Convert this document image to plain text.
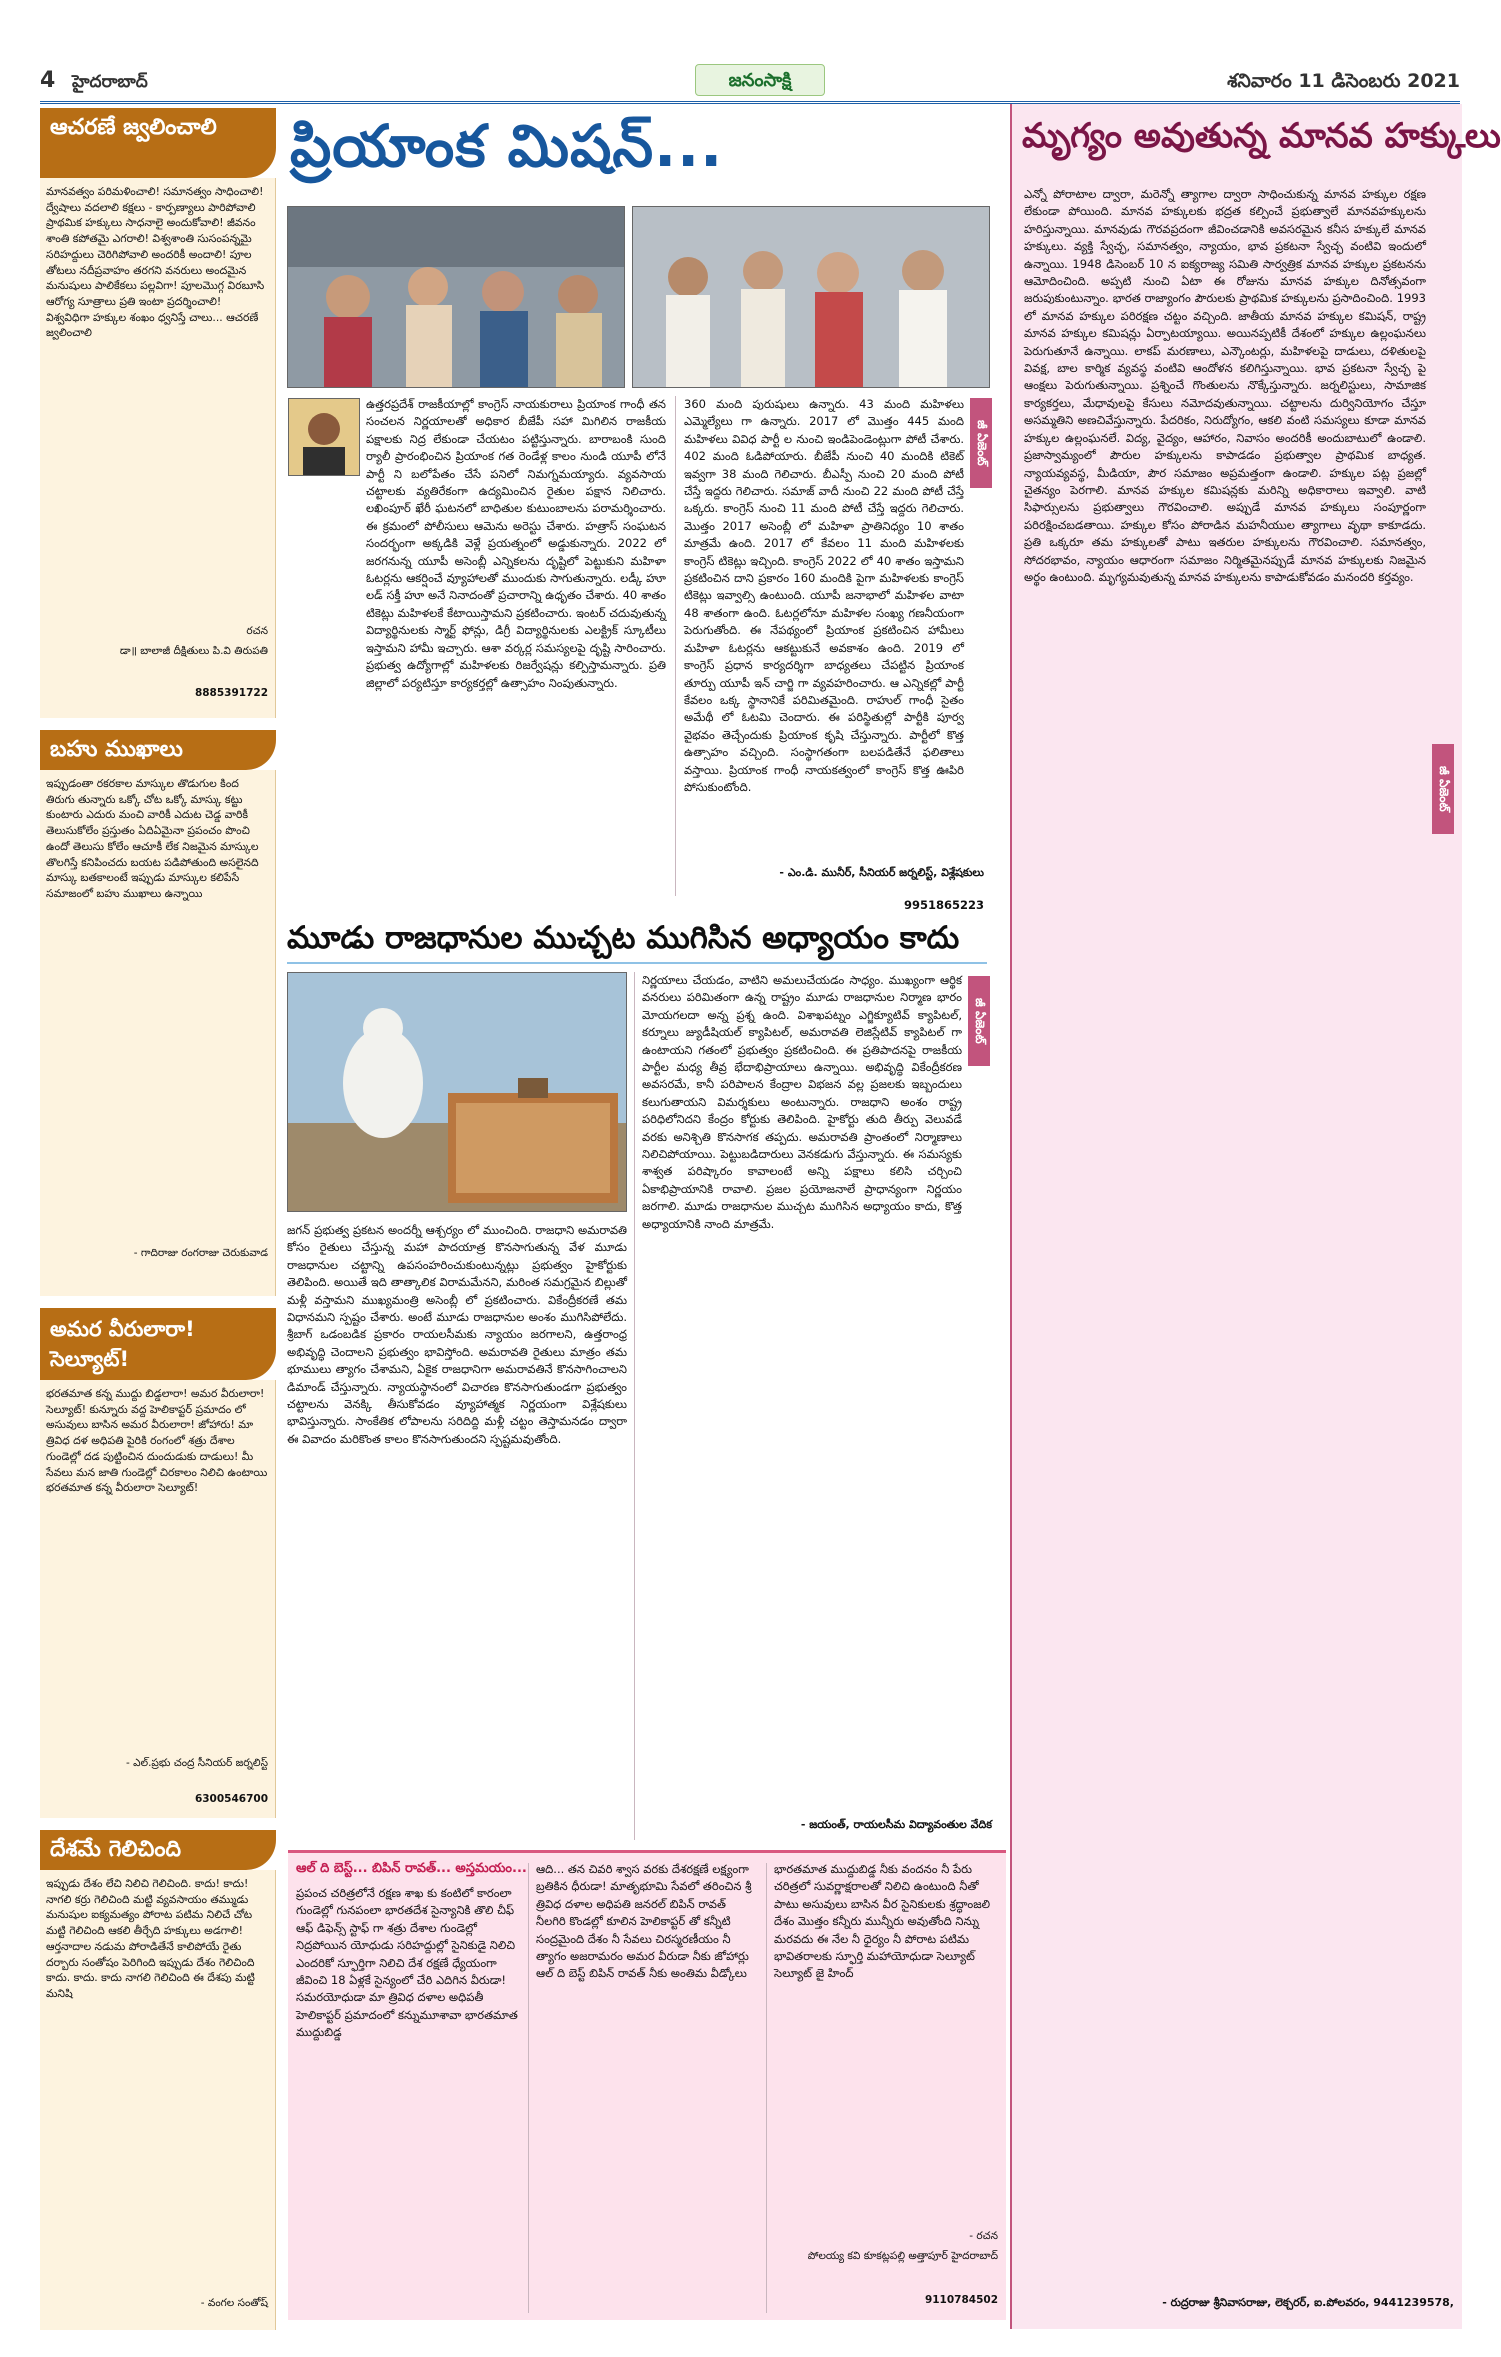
4 హైదరాబాద్	జనంసాక్షి	శనివారం 11 డిసెంబరు 2021
ఆచరణే జ్వలించాలి
మానవత్వం పరిమళించాలి! సమానత్వం సాధించాలి! ద్వేషాలు వదలాలి కక్షలు - కార్పణ్యాలు పారిపోవాలి ప్రాథమిక హక్కులు సాధనాలై అందుకోవాలి! జీవనం శాంతి కపోతమై ఎగరాలి! విశ్వశాంతి సుసంపన్నమై సరిహద్దులు చెరిగిపోవాలి అందరికీ అందాలి! పూల తోటలు నదీప్రవాహం తరగని వనరులు అందమైన మనుషులు పాలికేకలు పల్లవిగా! పూలమొగ్గ విరబూసి ఆరోగ్య సూత్రాలు ప్రతి ఇంటా ప్రదర్శించాలి! విశ్వవిధిగా హక్కుల శంఖం ధ్వనిస్తే చాలు... ఆచరణే జ్వలించాలి
రచన
డా॥ బాలాజీ దీక్షితులు పి.వి తిరుపతి
8885391722
బహు ముఖాలు
ఇప్పుడంతా రకరకాల మాస్కుల తొడుగుల కింద తిరుగు తున్నారు ఒక్కో చోట ఒక్కో మాస్కు కట్టు కుంటారు ఎదురు మంచి వారికీ ఎదుట చెడ్డ వారికీ తెలుసుకోలేం ప్రస్తుతం ఏదిఏమైనా ప్రపంచం పొంచి ఉందో తెలుసు కోలేం ఆచూకీ లేక నిజమైన మాస్కుల తొలగిస్తే కనిపించదు బయట పడిపోతుంది అసలైనది మాస్కు బతకాలంటే ఇప్పుడు మాస్కుల కలిపేసే సమాజంలో బహు ముఖాలు ఉన్నాయి
- గాదిరాజు రంగరాజు చెరుకువాడ
అమర వీరులారా! సెల్యూట్!
భరతమాత కన్న ముద్దు బిడ్డలారా! అమర వీరులారా! సెల్యూట్! కున్నూరు వద్ద హెలికాప్టర్ ప్రమాదం లో అసువులు బాసిన అమర వీరులారా! జోహారు! మా త్రివిధ దళ అధిపతి పైరికి రంగంలో శత్రు దేశాల గుండెల్లో దడ పుట్టించిన దుందుడుకు దాడులు! మీ సేవలు మన జాతి గుండెల్లో చిరకాలం నిలిచి ఉంటాయి భరతమాత కన్న వీరులారా సెల్యూట్!
- ఎల్.ప్రభు చంద్ర సీనియర్ జర్నలిస్ట్
6300546700
దేశమే గెలిచింది
ఇప్పుడు దేశం లేచి నిలిచి గెలిచింది. కాదు! కాదు! నాగలి కర్రు గెలిచింది మట్టి వ్యవసాయం తమ్ముడు మనుషుల ఐక్యమత్యం పోరాట పటిమ నిలిచే చోట మట్టి గెలిచింది ఆకలి తీర్చేది హక్కులు అడగాలి! ఆర్తనాదాల నడుమ పోరాడితేనే కాలిపోయే రైతు దర్బారు సంతోషం పెరిగింది ఇప్పుడు దేశం గెలిచింది కాదు. కాదు. కాదు నాగలి గెలిచింది ఈ దేశపు మట్టి మనిషి
- వంగల సంతోష్
ప్రియాంక మిషన్...
ఉత్తరప్రదేశ్ రాజకీయాల్లో కాంగ్రెస్ నాయకురాలు ప్రియాంక గాంధీ తన సంచలన నిర్ణయాలతో అధికార బీజేపీ సహా మిగిలిన రాజకీయ పక్షాలకు నిద్ర లేకుండా చేయటం పట్టిస్తున్నారు. బారాబంకి సుంది ర్యాలీ ప్రారంభించిన ప్రియాంక గత రెండేళ్ల కాలం నుండి యూపీ లోనే పార్టీ ని బలోపేతం చేసే పనిలో నిమగ్నమయ్యారు. వ్యవసాయ చట్టాలకు వ్యతిరేకంగా ఉద్యమించిన రైతుల పక్షాన నిలిచారు. లఖింపూర్ ఖేరీ ఘటనలో బాధితుల కుటుంబాలను పరామర్శించారు. ఈ క్రమంలో పోలీసులు ఆమెను అరెస్టు చేశారు. హత్రాస్ సంఘటన సందర్భంగా అక్కడికి వెళ్లే ప్రయత్నంలో అడ్డుకున్నారు. 2022 లో జరగనున్న యూపీ అసెంబ్లీ ఎన్నికలను దృష్టిలో పెట్టుకుని మహిళా ఓటర్లను ఆకర్షించే వ్యూహాలతో ముందుకు సాగుతున్నారు. లడ్కీ హూ లడ్ సక్తీ హూ అనే నినాదంతో ప్రచారాన్ని ఉధృతం చేశారు. 40 శాతం టికెట్లు మహిళలకే కేటాయిస్తామని ప్రకటించారు. ఇంటర్ చదువుతున్న విద్యార్థినులకు స్మార్ట్ ఫోన్లు, డిగ్రీ విద్యార్థినులకు ఎలక్ట్రిక్ స్కూటీలు ఇస్తామని హామీ ఇచ్చారు. ఆశా వర్కర్ల సమస్యలపై దృష్టి సారించారు. ప్రభుత్వ ఉద్యోగాల్లో మహిళలకు రిజర్వేషన్లు కల్పిస్తామన్నారు. ప్రతి జిల్లాలో పర్యటిస్తూ కార్యకర్తల్లో ఉత్సాహం నింపుతున్నారు.
360 మంది పురుషులు ఉన్నారు. 43 మంది మహిళలు ఎమ్మెల్యేలు గా ఉన్నారు. 2017 లో మొత్తం 445 మంది మహిళలు వివిధ పార్టీ ల నుంచి ఇండిపెండెంట్లుగా పోటీ చేశారు. 402 మంది ఓడిపోయారు. బీజేపీ నుంచి 40 మందికి టికెట్ ఇవ్వగా 38 మంది గెలిచారు. బీఎస్పీ నుంచి 20 మంది పోటీ చేస్తే ఇద్దరు గెలిచారు. సమాజ్ వాదీ నుంచి 22 మంది పోటీ చేస్తే ఒక్కరు. కాంగ్రెస్ నుంచి 11 మంది పోటీ చేస్తే ఇద్దరు గెలిచారు. మొత్తం 2017 అసెంబ్లీ లో మహిళా ప్రాతినిధ్యం 10 శాతం మాత్రమే ఉంది. 2017 లో కేవలం 11 మంది మహిళలకు కాంగ్రెస్ టికెట్లు ఇచ్చింది. కాంగ్రెస్ 2022 లో 40 శాతం ఇస్తామని ప్రకటించిన దాని ప్రకారం 160 మందికి పైగా మహిళలకు కాంగ్రెస్ టికెట్లు ఇవ్వాల్సి ఉంటుంది. యూపీ జనాభాలో మహిళల వాటా 48 శాతంగా ఉంది. ఓటర్లలోనూ మహిళల సంఖ్య గణనీయంగా పెరుగుతోంది. ఈ నేపథ్యంలో ప్రియాంక ప్రకటించిన హామీలు మహిళా ఓటర్లను ఆకట్టుకునే అవకాశం ఉంది. 2019 లో కాంగ్రెస్ ప్రధాన కార్యదర్శిగా బాధ్యతలు చేపట్టిన ప్రియాంక తూర్పు యూపీ ఇన్ చార్జి గా వ్యవహరించారు. ఆ ఎన్నికల్లో పార్టీ కేవలం ఒక్క స్థానానికే పరిమితమైంది. రాహుల్ గాంధీ సైతం అమేథీ లో ఓటమి చెందారు. ఈ పరిస్థితుల్లో పార్టీకి పూర్వ వైభవం తెచ్చేందుకు ప్రియాంక కృషి చేస్తున్నారు. పార్టీలో కొత్త ఉత్సాహం వచ్చింది. సంస్థాగతంగా బలపడితేనే ఫలితాలు వస్తాయి. ప్రియాంక గాంధీ నాయకత్వంలో కాంగ్రెస్ కొత్త ఊపిరి పోసుకుంటోంది.
జీ ఏజెంట్
- ఎం.డి. మునీర్, సీనియర్ జర్నలిస్ట్, విశ్లేషకులు
9951865223
మూడు రాజధానుల ముచ్చట ముగిసిన అధ్యాయం కాదు
జగన్ ప్రభుత్వ ప్రకటన అందర్నీ ఆశ్చర్యం లో ముంచింది. రాజధాని అమరావతి కోసం రైతులు చేస్తున్న మహా పాదయాత్ర కొనసాగుతున్న వేళ మూడు రాజధానుల చట్టాన్ని ఉపసంహరించుకుంటున్నట్లు ప్రభుత్వం హైకోర్టుకు తెలిపింది. అయితే ఇది తాత్కాలిక విరామమేనని, మరింత సమగ్రమైన బిల్లుతో మళ్లీ వస్తామని ముఖ్యమంత్రి అసెంబ్లీ లో ప్రకటించారు. వికేంద్రీకరణే తమ విధానమని స్పష్టం చేశారు. అంటే మూడు రాజధానుల అంశం ముగిసిపోలేదు. శ్రీబాగ్ ఒడంబడిక ప్రకారం రాయలసీమకు న్యాయం జరగాలని, ఉత్తరాంధ్ర అభివృద్ధి చెందాలని ప్రభుత్వం భావిస్తోంది. అమరావతి రైతులు మాత్రం తమ భూములు త్యాగం చేశామని, ఏకైక రాజధానిగా అమరావతినే కొనసాగించాలని డిమాండ్ చేస్తున్నారు. న్యాయస్థానంలో విచారణ కొనసాగుతుండగా ప్రభుత్వం చట్టాలను వెనక్కి తీసుకోవడం వ్యూహాత్మక నిర్ణయంగా విశ్లేషకులు భావిస్తున్నారు. సాంకేతిక లోపాలను సరిదిద్ది మళ్లీ చట్టం తెస్తామనడం ద్వారా ఈ వివాదం మరికొంత కాలం కొనసాగుతుందని స్పష్టమవుతోంది.
నిర్ణయాలు చేయడం, వాటిని అమలుచేయడం సాధ్యం. ముఖ్యంగా ఆర్థిక వనరులు పరిమితంగా ఉన్న రాష్ట్రం మూడు రాజధానుల నిర్మాణ భారం మోయగలదా అన్న ప్రశ్న ఉంది. విశాఖపట్నం ఎగ్జిక్యూటివ్ క్యాపిటల్, కర్నూలు జ్యుడీషియల్ క్యాపిటల్, అమరావతి లెజిస్లేటివ్ క్యాపిటల్ గా ఉంటాయని గతంలో ప్రభుత్వం ప్రకటించింది. ఈ ప్రతిపాదనపై రాజకీయ పార్టీల మధ్య తీవ్ర భేదాభిప్రాయాలు ఉన్నాయి. అభివృద్ధి వికేంద్రీకరణ అవసరమే, కానీ పరిపాలన కేంద్రాల విభజన వల్ల ప్రజలకు ఇబ్బందులు కలుగుతాయని విమర్శకులు అంటున్నారు. రాజధాని అంశం రాష్ట్ర పరిధిలోనిదని కేంద్రం కోర్టుకు తెలిపింది. హైకోర్టు తుది తీర్పు వెలువడే వరకు అనిశ్చితి కొనసాగక తప్పదు. అమరావతి ప్రాంతంలో నిర్మాణాలు నిలిచిపోయాయి. పెట్టుబడిదారులు వెనకడుగు వేస్తున్నారు. ఈ సమస్యకు శాశ్వత పరిష్కారం కావాలంటే అన్ని పక్షాలు కలిసి చర్చించి ఏకాభిప్రాయానికి రావాలి. ప్రజల ప్రయోజనాలే ప్రాధాన్యంగా నిర్ణయం జరగాలి. మూడు రాజధానుల ముచ్చట ముగిసిన అధ్యాయం కాదు, కొత్త అధ్యాయానికి నాంది మాత్రమే.
జీ ఏజెంట్
- జయంత్, రాయలసీమ విద్యావంతుల వేదిక
ఆల్ ది బెస్ట్... బిపిన్ రావత్... అస్తమయం...
ప్రపంచ చరిత్రలోనే రక్షణ శాఖ కు కంటిలో కారంలా గుండెల్లో గునపంలా భారతదేశ సైన్యానికి తొలి చీఫ్ ఆఫ్ డిఫెన్స్ స్టాఫ్ గా శత్రు దేశాల గుండెల్లో నిద్రపోయిన యోధుడు సరిహద్దుల్లో సైనికుడై నిలిచి ఎందరికో స్ఫూర్తిగా నిలిచి దేశ రక్షణే ధ్యేయంగా జీవించి 18 ఏళ్లకే సైన్యంలో చేరి ఎదిగిన వీరుడా! సమరయోధుడా మా త్రివిధ దళాల అధిపతీ హెలికాప్టర్ ప్రమాదంలో కన్నుమూశావా భారతమాత ముద్దుబిడ్డ
ఆది... తన చివరి శ్వాస వరకు దేశరక్షణే లక్ష్యంగా బ్రతికిన ధీరుడా! మాతృభూమి సేవలో తరించిన శ్రీ త్రివిధ దళాల అధిపతి జనరల్ బిపిన్ రావత్ నీలగిరి కొండల్లో కూలిన హెలికాప్టర్ తో కన్నీటి సంద్రమైంది దేశం నీ సేవలు చిరస్మరణీయం నీ త్యాగం అజరామరం అమర వీరుడా నీకు జోహార్లు ఆల్ ది బెస్ట్ బిపిన్ రావత్ నీకు అంతిమ వీడ్కోలు
భారతమాత ముద్దుబిడ్డ నీకు వందనం నీ పేరు చరిత్రలో సువర్ణాక్షరాలతో నిలిచి ఉంటుంది నీతో పాటు అసువులు బాసిన వీర సైనికులకు శ్రద్ధాంజలి దేశం మొత్తం కన్నీరు మున్నీరు అవుతోంది నిన్ను మరవదు ఈ నేల నీ ధైర్యం నీ పోరాట పటిమ భావితరాలకు స్ఫూర్తి మహాయోధుడా సెల్యూట్ సెల్యూట్ జై హింద్
- రచన
పోలయ్య కవి కూకట్లపల్లి అత్తాపూర్ హైదరాబాద్
9110784502
మృగ్యం అవుతున్న మానవ హక్కులు
ఎన్నో పోరాటాల ద్వారా, మరెన్నో త్యాగాల ద్వారా సాధించుకున్న మానవ హక్కుల రక్షణ లేకుండా పోయింది. మానవ హక్కులకు భద్రత కల్పించే ప్రభుత్వాలే మానవహక్కులను హరిస్తున్నాయి. మానవుడు గౌరవప్రదంగా జీవించడానికి అవసరమైన కనీస హక్కులే మానవ హక్కులు. వ్యక్తి స్వేచ్ఛ, సమానత్వం, న్యాయం, భావ ప్రకటనా స్వేచ్ఛ వంటివి ఇందులో ఉన్నాయి. 1948 డిసెంబర్ 10 న ఐక్యరాజ్య సమితి సార్వత్రిక మానవ హక్కుల ప్రకటనను ఆమోదించింది. అప్పటి నుంచి ఏటా ఈ రోజును మానవ హక్కుల దినోత్సవంగా జరుపుకుంటున్నాం. భారత రాజ్యాంగం పౌరులకు ప్రాథమిక హక్కులను ప్రసాదించింది. 1993 లో మానవ హక్కుల పరిరక్షణ చట్టం వచ్చింది. జాతీయ మానవ హక్కుల కమిషన్, రాష్ట్ర మానవ హక్కుల కమిషన్లు ఏర్పాటయ్యాయి. అయినప్పటికీ దేశంలో హక్కుల ఉల్లంఘనలు పెరుగుతూనే ఉన్నాయి. లాకప్ మరణాలు, ఎన్కౌంటర్లు, మహిళలపై దాడులు, దళితులపై వివక్ష, బాల కార్మిక వ్యవస్థ వంటివి ఆందోళన కలిగిస్తున్నాయి. భావ ప్రకటనా స్వేచ్ఛ పై ఆంక్షలు పెరుగుతున్నాయి. ప్రశ్నించే గొంతులను నొక్కేస్తున్నారు. జర్నలిస్టులు, సామాజిక కార్యకర్తలు, మేధావులపై కేసులు నమోదవుతున్నాయి. చట్టాలను దుర్వినియోగం చేస్తూ అసమ్మతిని అణచివేస్తున్నారు. పేదరికం, నిరుద్యోగం, ఆకలి వంటి సమస్యలు కూడా మానవ హక్కుల ఉల్లంఘనలే. విద్య, వైద్యం, ఆహారం, నివాసం అందరికీ అందుబాటులో ఉండాలి. ప్రజాస్వామ్యంలో పౌరుల హక్కులను కాపాడడం ప్రభుత్వాల ప్రాథమిక బాధ్యత. న్యాయవ్యవస్థ, మీడియా, పౌర సమాజం అప్రమత్తంగా ఉండాలి. హక్కుల పట్ల ప్రజల్లో చైతన్యం పెరగాలి. మానవ హక్కుల కమిషన్లకు మరిన్ని అధికారాలు ఇవ్వాలి. వాటి సిఫార్సులను ప్రభుత్వాలు గౌరవించాలి. అప్పుడే మానవ హక్కులు సంపూర్ణంగా పరిరక్షించబడతాయి. హక్కుల కోసం పోరాడిన మహనీయుల త్యాగాలు వృథా కాకూడదు. ప్రతి ఒక్కరూ తమ హక్కులతో పాటు ఇతరుల హక్కులను గౌరవించాలి. సమానత్వం, సోదరభావం, న్యాయం ఆధారంగా సమాజం నిర్మితమైనప్పుడే మానవ హక్కులకు నిజమైన అర్థం ఉంటుంది. మృగ్యమవుతున్న మానవ హక్కులను కాపాడుకోవడం మనందరి కర్తవ్యం.
జీ ఏజెంట్
- రుద్రరాజు శ్రీనివాసరాజు, లెక్చరర్, ఐ.పోలవరం, 9441239578,
